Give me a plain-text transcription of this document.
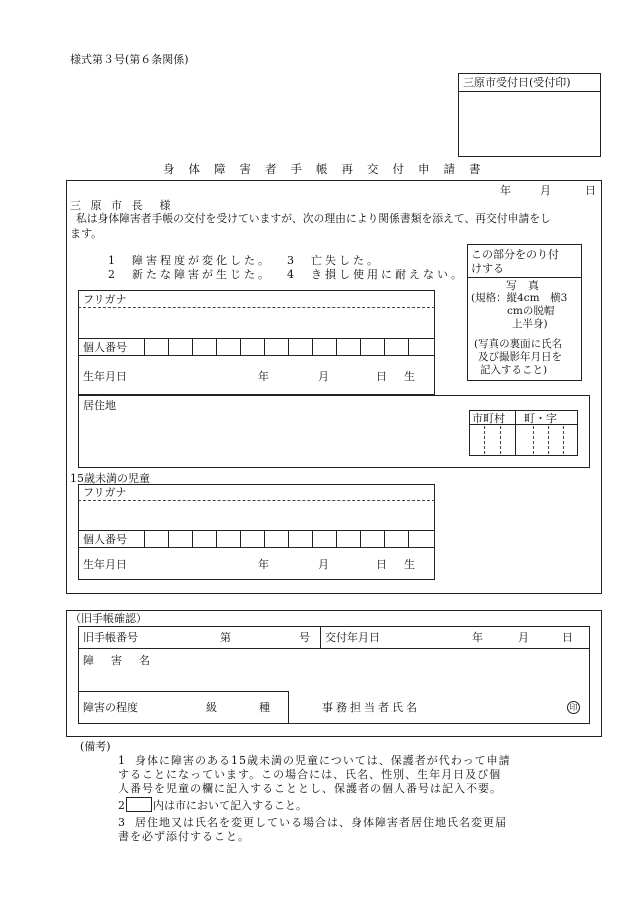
様式第３号(第６条関係)
三原市受付日(受付印)
身体障害者手帳再交付申請書
年	月	日
三 原 市 長　様
私は身体障害者手帳の交付を受けていますが、次の理由により関係書類を添えて、再交付申請をし
ます。
1　障害程度が変化した。 3　亡失した。
2　新たな障害が生じた。 4　き損し使用に耐えない。
この部分をのり付
けする
写　真
(規格：縦4cm　横3
cmの脱帽
上半身)
(写真の裏面に氏名
及び撮影年月日を
記入すること)
フリガナ
個人番号
生年月日	年	月	日 生
居住地
市町村 町・字
15歳未満の児童
フリガナ
個人番号
生年月日	年	月	日 生
（旧手帳確認）
旧手帳番号	第	号 交付年月日	年	月	日
障　害　名
障害の程度	級	種	事務担当者氏名	印
(備考)
1 身体に障害のある15歳未満の児童については、保護者が代わって申請
することになっています。この場合には、氏名、性別、生年月日及び個
人番号を児童の欄に記入することとし、保護者の個人番号は記入不要。
2	内は市において記入すること。
3 居住地又は氏名を変更している場合は、身体障害者居住地氏名変更届
書を必ず添付すること。
